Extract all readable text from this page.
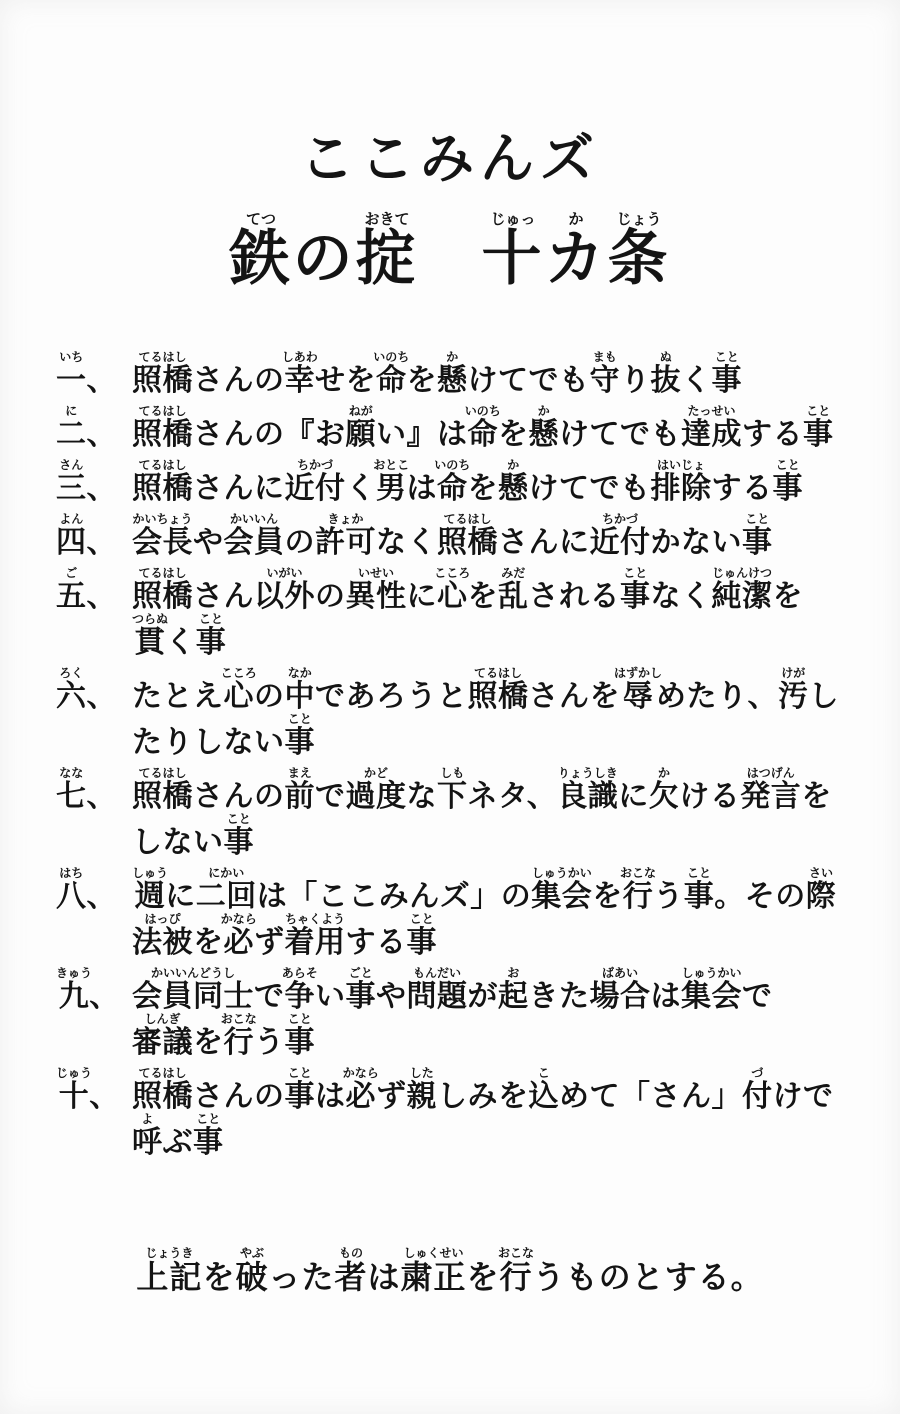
ここみんズ
鉄てつの掟おきて　十じゅっカか条じょう
一いち、 照橋てるはしさんの幸しあわせを命いのちを懸かけてでも守まもり抜ぬく事こと
二に、 照橋てるはしさんの『お願ねがい』は命いのちを懸かけてでも達成たっせいする事こと
三さん、 照橋てるはしさんに近付ちかづく男おとこは命いのちを懸かけてでも排除はいじょする事こと
四よん、 会長かいちょうや会員かいいんの許可きょかなく照橋てるはしさんに近付ちかづかない事こと
五ご、 照橋てるはしさん以外いがいの異性いせいに心こころを乱みだされる事ことなく純潔じゅんけつを
貫つらぬく事こと
六ろく、 たとえ心こころの中なかであろうと照橋てるはしさんを辱はずかしめたり、汚けがし
たりしない事こと
七なな、 照橋てるはしさんの前まえで過度かどな下しもネタ、良識りょうしきに欠かける発言はつげんを
しない事こと
八はち、 週しゅうに二回にかいは「ここみんズ」の集会しゅうかいを行おこなう事こと。その際さい
法被はっぴを必かならず着用ちゃくようする事こと
九きゅう、 会員同士かいいんどうしで争あらそい事ごとや問題もんだいが起おきた場合ばあいは集会しゅうかいで
審議しんぎを行おこなう事こと
十じゅう、 照橋てるはしさんの事ことは必かならず親したしみを込こめて「さん」付づけで
呼よぶ事こと
上記じょうきを破やぶった者ものは粛正しゅくせいを行おこなうものとする。
